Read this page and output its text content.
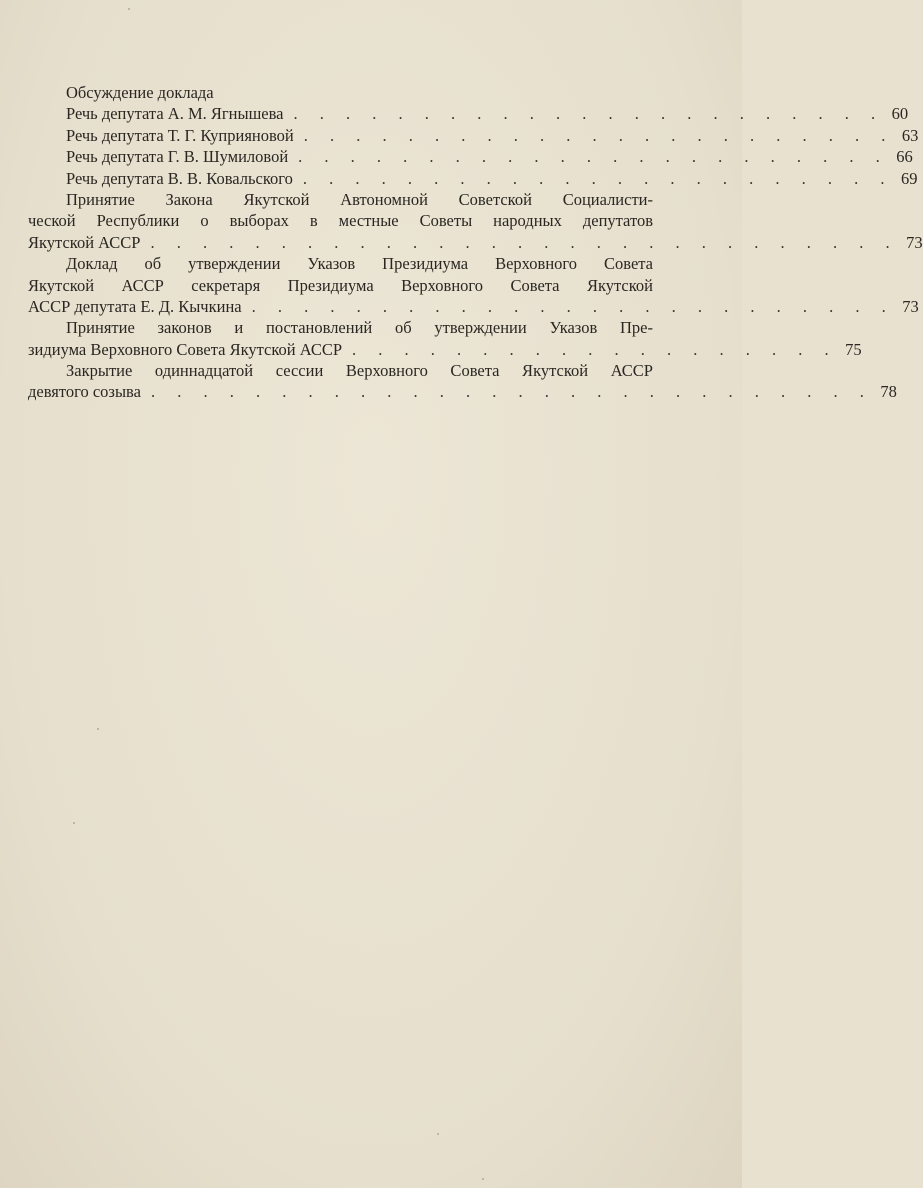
Обсуждение доклада
Речь депутата А. М. Ягнышева . . . . . . . . . . . . . . . . . . . . . . . 60
Речь депутата Т. Г. Куприяновой . . . . . . . . . . . . . . . . . . . . . . . 63
Речь депутата Г. В. Шумиловой . . . . . . . . . . . . . . . . . . . . . . . 66
Речь депутата В. В. Ковальского . . . . . . . . . . . . . . . . . . . . . . . 69
Принятие Закона Якутской Автономной Советской Социалисти-
ческой Республики о выборах в местные Советы народных депутатов
Якутской АССР . . . . . . . . . . . . . . . . . . . . . . . . . . . . . 73
Доклад об утверждении Указов Президиума Верховного Совета
Якутской АССР секретаря Президиума Верховного Совета Якутской
АССР депутата Е. Д. Кычкина . . . . . . . . . . . . . . . . . . . . . . . . . 73
Принятие законов и постановлений об утверждении Указов Пре-
зидиума Верховного Совета Якутской АССР . . . . . . . . . . . . . . . . . . . 75
Закрытие одиннадцатой сессии Верховного Совета Якутской АССР
девятого созыва . . . . . . . . . . . . . . . . . . . . . . . . . . . . 78
